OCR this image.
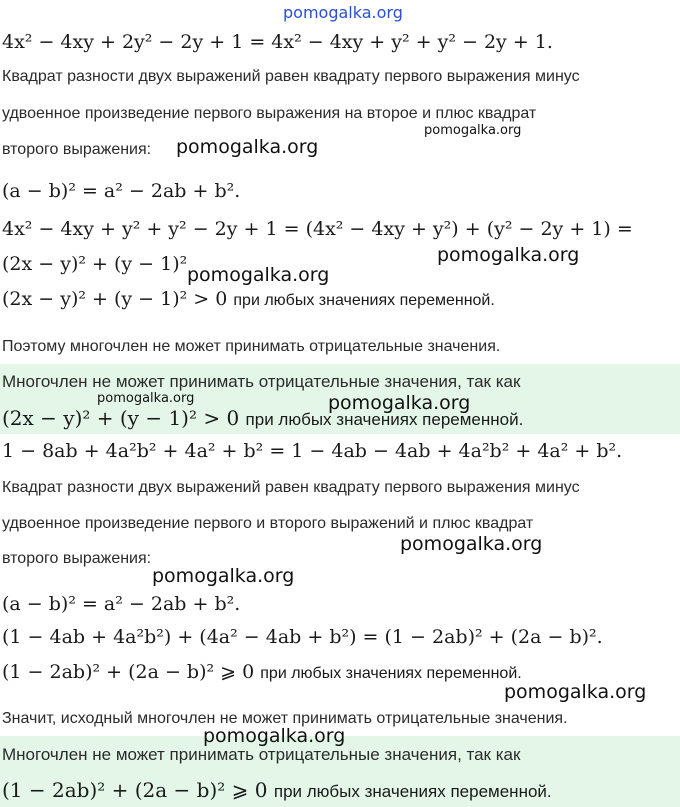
4x² − 4xy + 2y² − 2y + 1 = 4x² − 4xy + y² + y² − 2y + 1.
Квадрат разности двух выражений равен квадрату первого выражения минус
удвоенное произведение первого выражения на второе и плюс квадрат
второго выражения:
(a − b)² = a² − 2ab + b².
4x² − 4xy + y² + y² − 2y + 1 = (4x² − 4xy + y²) + (y² − 2y + 1) =
(2x − y)² + (y − 1)²
(2x − y)² + (y − 1)² > 0 при любых значениях переменной.
Поэтому многочлен не может принимать отрицательные значения.
Многочлен не может принимать отрицательные значения, так как
(2x − y)² + (y − 1)² > 0 при любых значениях переменной.
1 − 8ab + 4a²b² + 4a² + b² = 1 − 4ab − 4ab + 4a²b² + 4a² + b².
Квадрат разности двух выражений равен квадрату первого выражения минус
удвоенное произведение первого и второго выражений и плюс квадрат
второго выражения:
(a − b)² = a² − 2ab + b².
(1 − 4ab + 4a²b²) + (4a² − 4ab + b²) = (1 − 2ab)² + (2a − b)².
(1 − 2ab)² + (2a − b)² ⩾ 0 при любых значениях переменной.
Значит, исходный многочлен не может принимать отрицательные значения.
Многочлен не может принимать отрицательные значения, так как
(1 − 2ab)² + (2a − b)² ⩾ 0 при любых значениях переменной.
pomogalka.org
pomogalka.org
pomogalka.org
pomogalka.org
pomogalka.org
pomogalka.org	pomogalka.org
pomogalka.org
pomogalka.org
pomogalka.org
pomogalka.org
